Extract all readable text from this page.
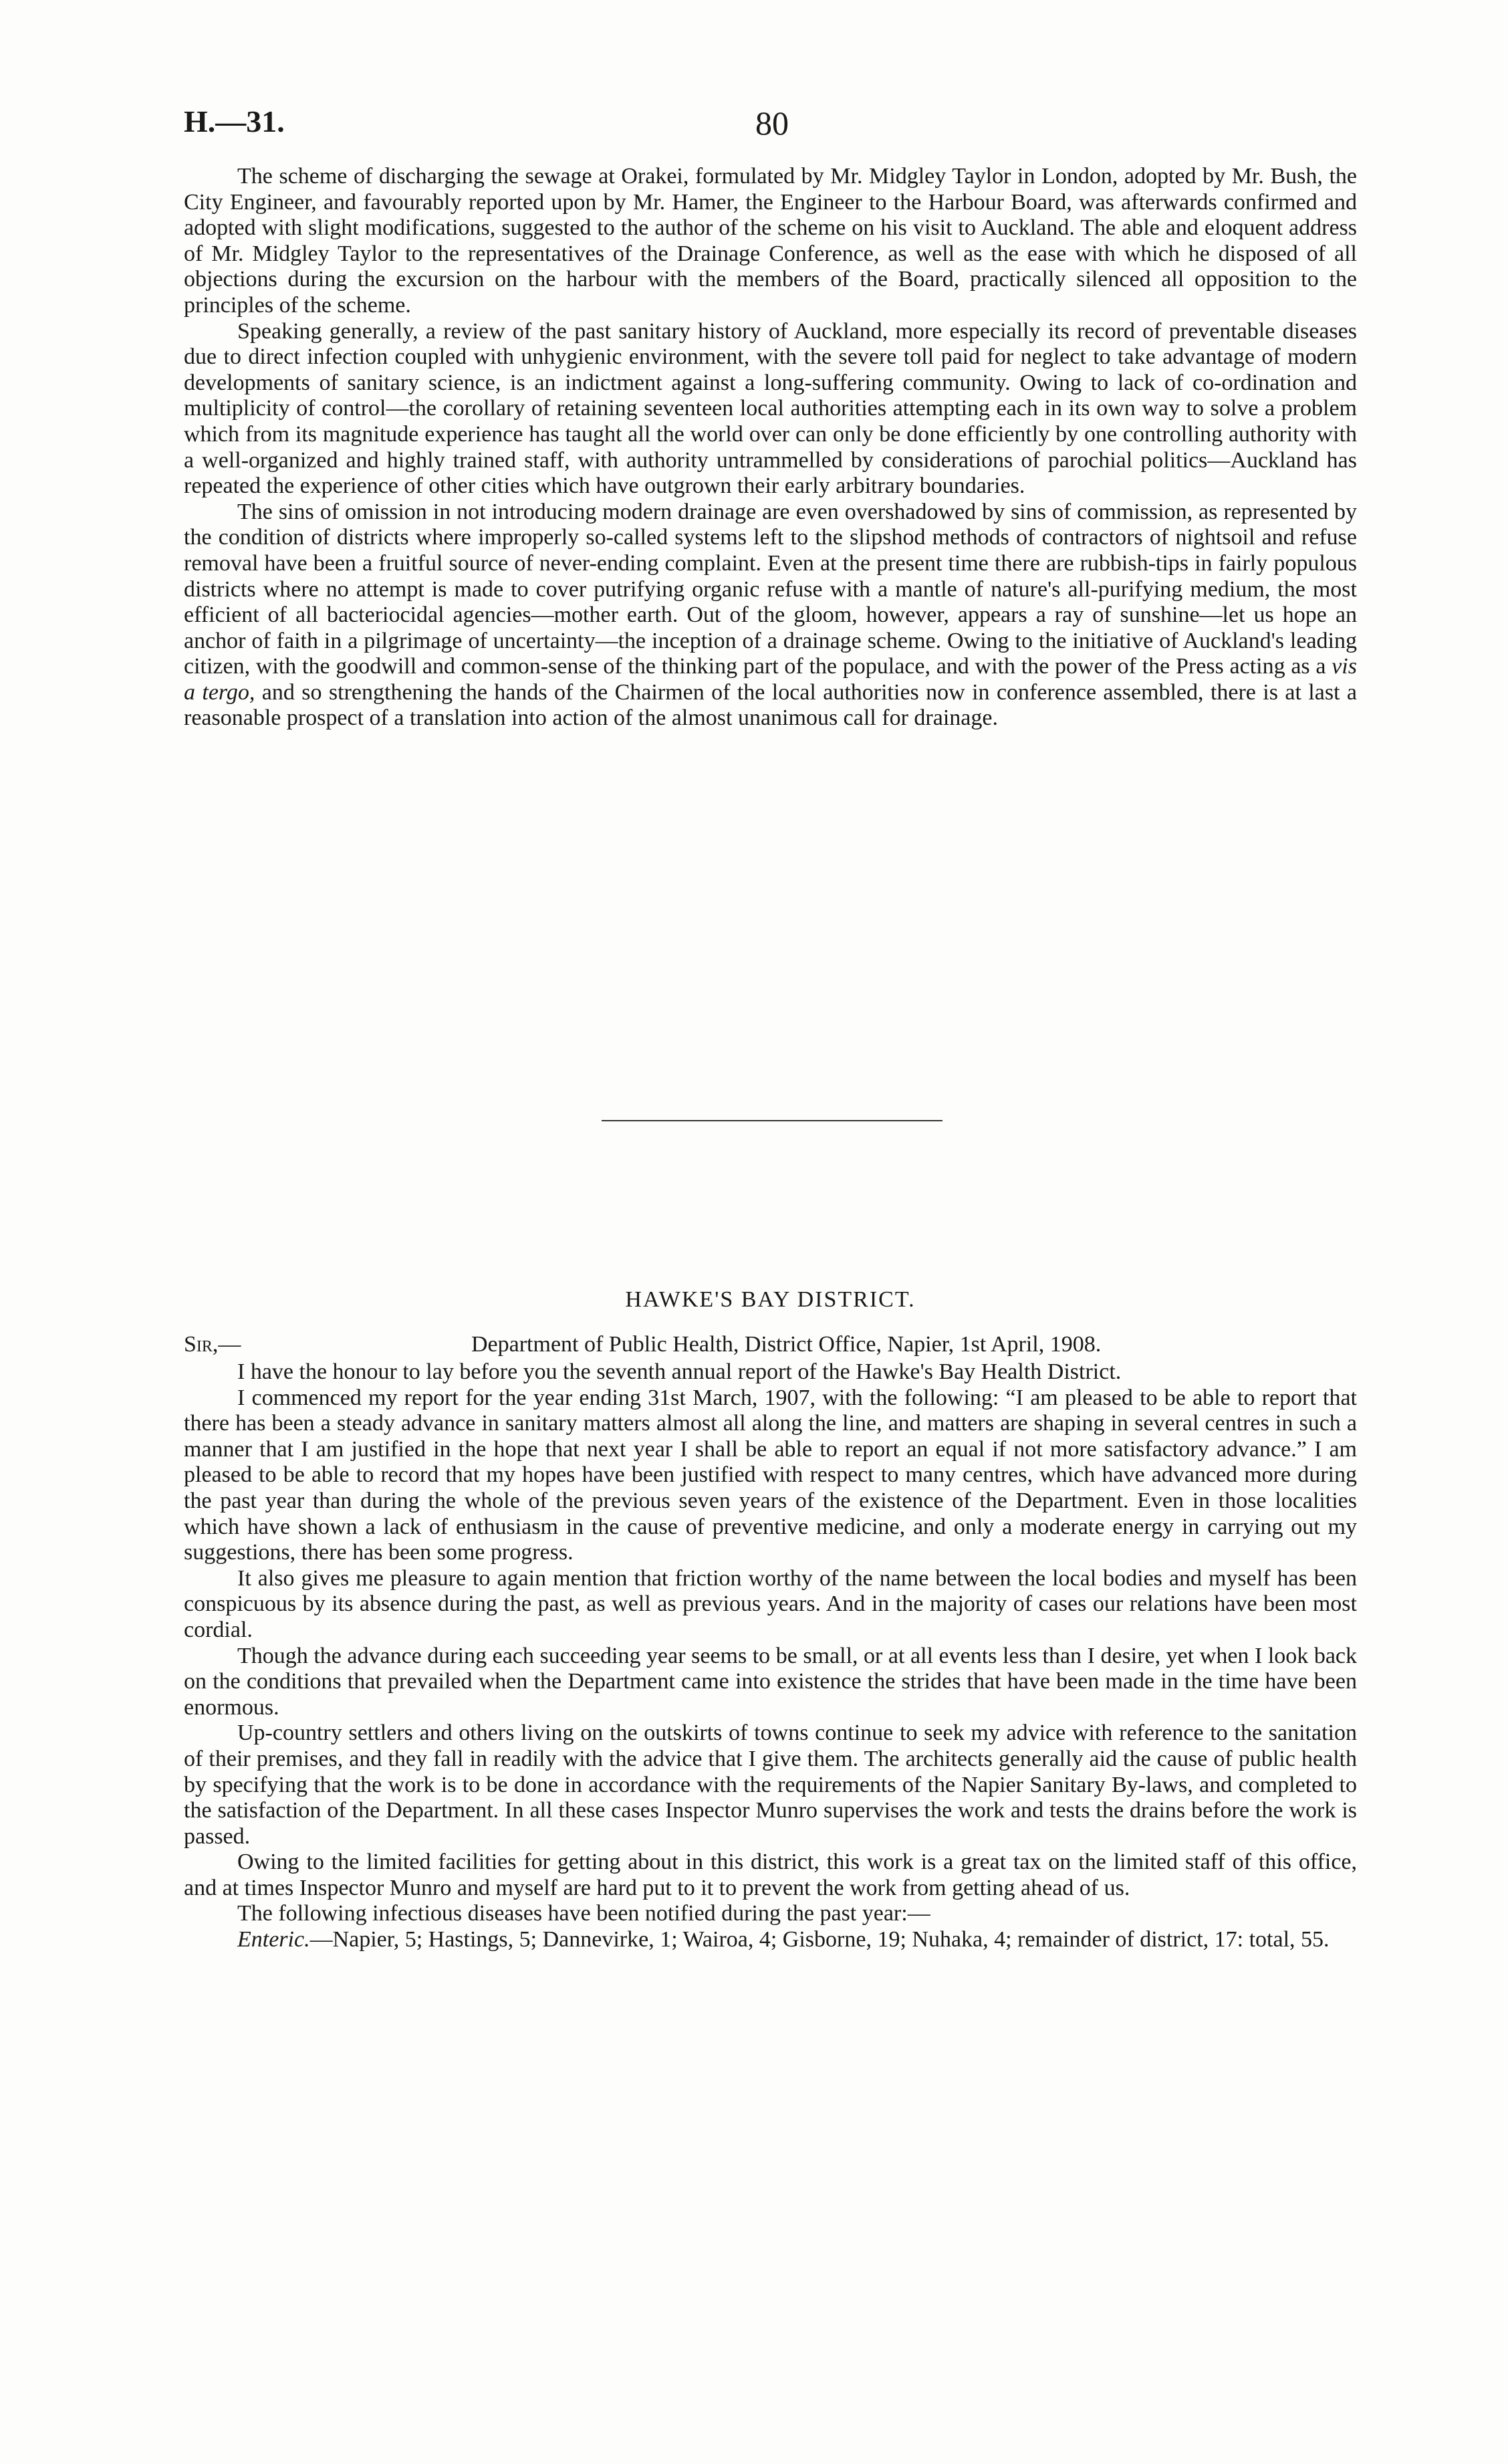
H.—31.	80

The scheme of discharging the sewage at Orakei, formulated by Mr. Midgley Taylor in London, adopted by Mr. Bush, the City Engineer, and favourably reported upon by Mr. Hamer, the Engineer to the Harbour Board, was afterwards confirmed and adopted with slight modifications, suggested to the author of the scheme on his visit to Auckland. The able and eloquent address of Mr. Midgley Taylor to the representatives of the Drainage Conference, as well as the ease with which he disposed of all objections during the excursion on the harbour with the members of the Board, practically silenced all opposition to the principles of the scheme.

Speaking generally, a review of the past sanitary history of Auckland, more especially its record of preventable diseases due to direct infection coupled with unhygienic environment, with the severe toll paid for neglect to take advantage of modern developments of sanitary science, is an indictment against a long-suffering community. Owing to lack of co-ordination and multiplicity of control—the corollary of retaining seventeen local authorities attempting each in its own way to solve a problem which from its magnitude experience has taught all the world over can only be done efficiently by one controlling authority with a well-organized and highly trained staff, with authority untrammelled by considerations of parochial politics—Auckland has repeated the experience of other cities which have outgrown their early arbitrary boundaries.

The sins of omission in not introducing modern drainage are even overshadowed by sins of commission, as represented by the condition of districts where improperly so-called systems left to the slipshod methods of contractors of nightsoil and refuse removal have been a fruitful source of never-ending complaint. Even at the present time there are rubbish-tips in fairly populous districts where no attempt is made to cover putrifying organic refuse with a mantle of nature's all-purifying medium, the most efficient of all bacteriocidal agencies—mother earth. Out of the gloom, however, appears a ray of sunshine—let us hope an anchor of faith in a pilgrimage of uncertainty—the inception of a drainage scheme. Owing to the initiative of Auckland's leading citizen, with the goodwill and common-sense of the thinking part of the populace, and with the power of the Press acting as a vis a tergo, and so strengthening the hands of the Chairmen of the local authorities now in conference assembled, there is at last a reasonable prospect of a translation into action of the almost unanimous call for drainage.

HAWKE'S BAY DISTRICT.
Sir,—	Department of Public Health, District Office, Napier, 1st April, 1908.

I have the honour to lay before you the seventh annual report of the Hawke's Bay Health District.

I commenced my report for the year ending 31st March, 1907, with the following: “I am pleased to be able to report that there has been a steady advance in sanitary matters almost all along the line, and matters are shaping in several centres in such a manner that I am justified in the hope that next year I shall be able to report an equal if not more satisfactory advance.” I am pleased to be able to record that my hopes have been justified with respect to many centres, which have advanced more during the past year than during the whole of the previous seven years of the existence of the Department. Even in those localities which have shown a lack of enthusiasm in the cause of preventive medicine, and only a moderate energy in carrying out my suggestions, there has been some progress.

It also gives me pleasure to again mention that friction worthy of the name between the local bodies and myself has been conspicuous by its absence during the past, as well as previous years. And in the majority of cases our relations have been most cordial.

Though the advance during each succeeding year seems to be small, or at all events less than I desire, yet when I look back on the conditions that prevailed when the Department came into existence the strides that have been made in the time have been enormous.

Up-country settlers and others living on the outskirts of towns continue to seek my advice with reference to the sanitation of their premises, and they fall in readily with the advice that I give them. The architects generally aid the cause of public health by specifying that the work is to be done in accordance with the requirements of the Napier Sanitary By-laws, and completed to the satisfaction of the Department. In all these cases Inspector Munro supervises the work and tests the drains before the work is passed.

Owing to the limited facilities for getting about in this district, this work is a great tax on the limited staff of this office, and at times Inspector Munro and myself are hard put to it to prevent the work from getting ahead of us.

The following infectious diseases have been notified during the past year:—

Enteric.—Napier, 5; Hastings, 5; Dannevirke, 1; Wairoa, 4; Gisborne, 19; Nuhaka, 4; remainder of district, 17: total, 55.
